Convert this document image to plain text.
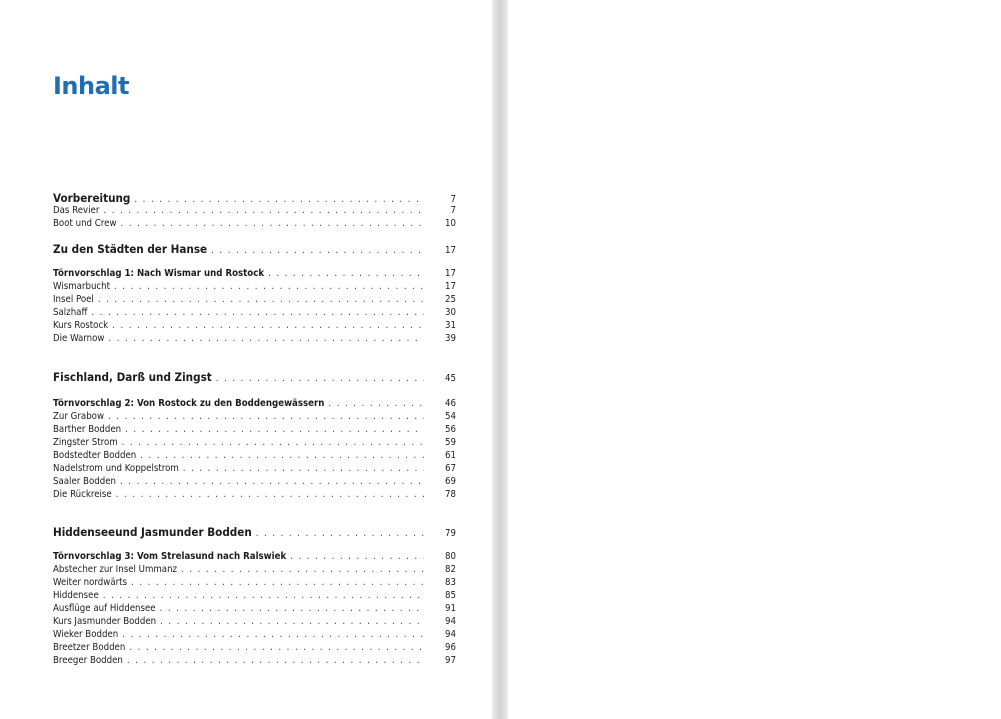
Inhalt
Vorbereitung . . .	7
Das Revier . . .	7
Boot und Crew . . .	10
Zu den Städten der Hanse . . .	17
Törnvorschlag 1: Nach Wismar und Rostock . . .	17
Wismarbucht . . .	17
Insel Poel . . .	25
Salzhaff . . .	30
Kurs Rostock . . .	31
Die Warnow . . .	39
Fischland, Darß und Zingst . . .	45
Törnvorschlag 2: Von Rostock zu den Boddengewässern . . .	46
Zur Grabow . . .	54
Barther Bodden . . .	56
Zingster Strom . . .	59
Bodstedter Bodden . . .	61
Nadelstrom und Koppelstrom . . .	67
Saaler Bodden . . .	69
Die Rückreise . . .	78
Hiddenseeund Jasmunder Bodden . . .	79
Törnvorschlag 3: Vom Strelasund nach Ralswiek . . .	80
Abstecher zur Insel Ummanz . . .	82
Weiter nordwärts . . .	83
Hiddensee . . .	85
Ausflüge auf Hiddensee . . .	91
Kurs Jasmunder Bodden . . .	94
Wieker Bodden . . .	94
Breetzer Bodden . . .	96
Breeger Bodden . . .	97
